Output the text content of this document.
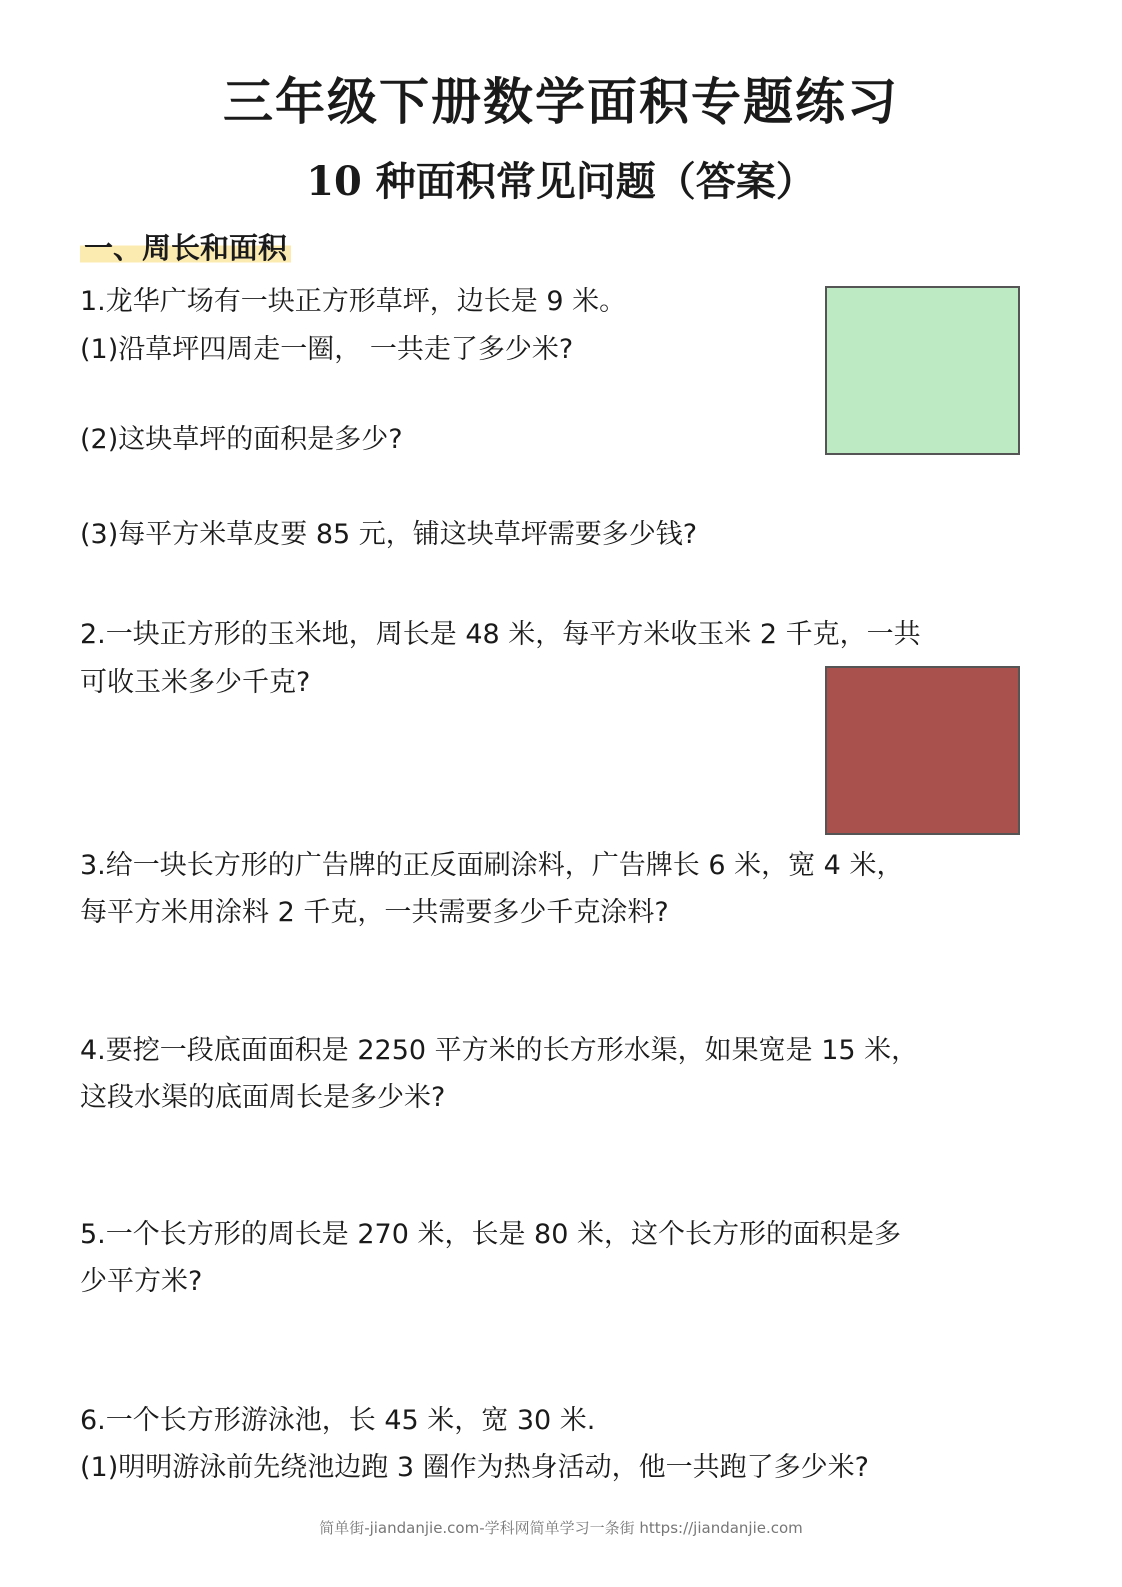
三年级下册数学面积专题练习
10 种面积常见问题（答案）
一、周长和面积
1.龙华广场有一块正方形草坪，边长是 9 米。
(1)沿草坪四周走一圈， 一共走了多少米?
(2)这块草坪的面积是多少?
(3)每平方米草皮要 85 元，铺这块草坪需要多少钱?
2.一块正方形的玉米地，周长是 48 米，每平方米收玉米 2 千克，一共
可收玉米多少千克?
3.给一块长方形的广告牌的正反面刷涂料，广告牌长 6 米，宽 4 米，
每平方米用涂料 2 千克，一共需要多少千克涂料?
4.要挖一段底面面积是 2250 平方米的长方形水渠，如果宽是 15 米，
这段水渠的底面周长是多少米?
5.一个长方形的周长是 270 米，长是 80 米，这个长方形的面积是多
少平方米?
6.一个长方形游泳池，长 45 米，宽 30 米.
(1)明明游泳前先绕池边跑 3 圈作为热身活动，他一共跑了多少米?
简单街-jiandanjie.com-学科网简单学习一条街 https://jiandanjie.com
